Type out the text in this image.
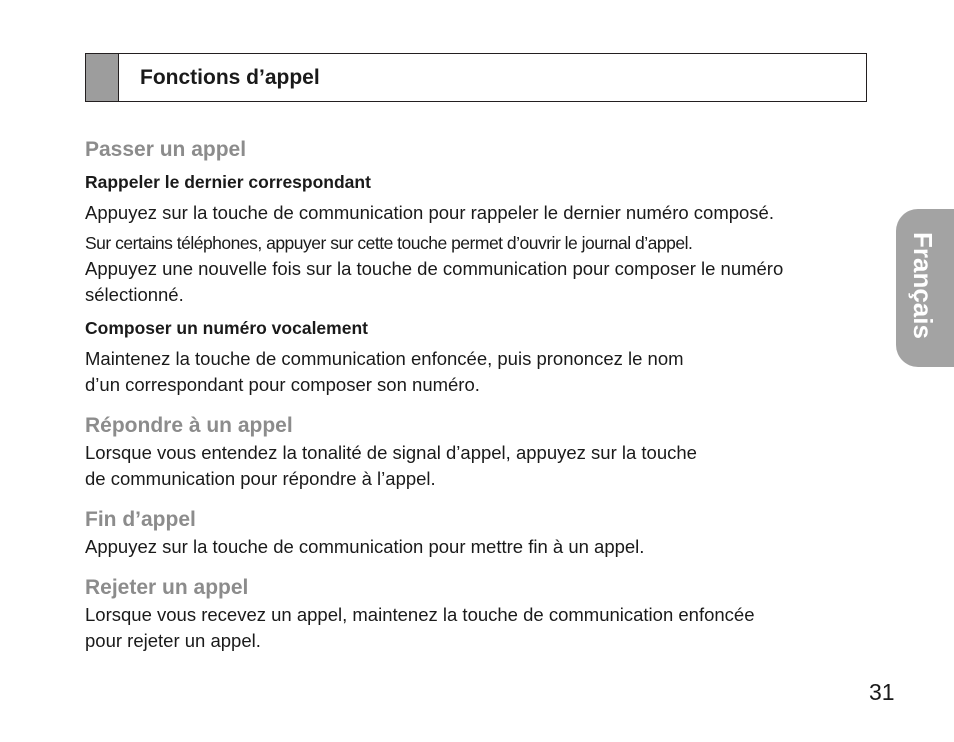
Fonctions d’appel
Français
Passer un appel
Rappeler le dernier correspondant

Appuyez sur la touche de communication pour rappeler le dernier numéro composé.

Sur certains téléphones, appuyer sur cette touche permet d’ouvrir le journal d’appel.

Appuyez une nouvelle fois sur la touche de communication pour composer le numéro

sélectionné.

Composer un numéro vocalement

Maintenez la touche de communication enfoncée, puis prononcez le nom

d’un correspondant pour composer son numéro.

Répondre à un appel

Lorsque vous entendez la tonalité de signal d’appel, appuyez sur la touche

de communication pour répondre à l’appel.

Fin d’appel

Appuyez sur la touche de communication pour mettre fin à un appel.

Rejeter un appel

Lorsque vous recevez un appel, maintenez la touche de communication enfoncée

pour rejeter un appel.

31
